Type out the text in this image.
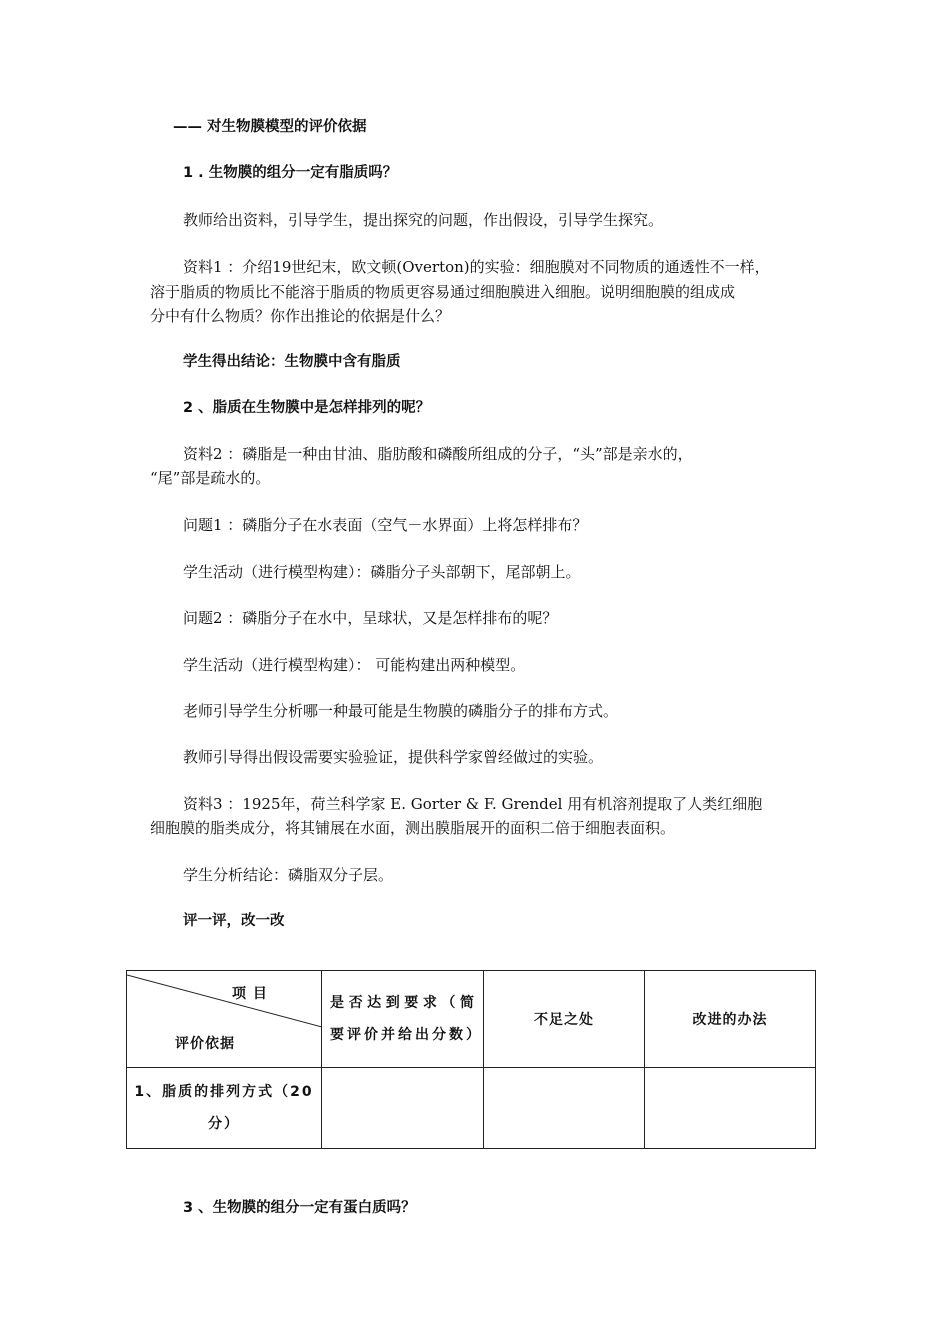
—— 对生物膜模型的评价依据
1 . 生物膜的组分一定有脂质吗？
教师给出资料，引导学生，提出探究的问题，作出假设，引导学生探究。
资料1 ：介绍19世纪末，欧文顿(Overton)的实验：细胞膜对不同物质的通透性不一样，
溶于脂质的物质比不能溶于脂质的物质更容易通过细胞膜进入细胞。说明细胞膜的组成成
分中有什么物质？你作出推论的依据是什么？
学生得出结论：生物膜中含有脂质
2 、脂质在生物膜中是怎样排列的呢？
资料2 ：磷脂是一种由甘油、脂肪酸和磷酸所组成的分子，“头”部是亲水的，
“尾”部是疏水的。
问题1 ：磷脂分子在水表面（空气－水界面）上将怎样排布？
学生活动（进行模型构建）：磷脂分子头部朝下，尾部朝上。
问题2 ：磷脂分子在水中，呈球状，又是怎样排布的呢？
学生活动（进行模型构建）： 可能构建出两种模型。
老师引导学生分析哪一种最可能是生物膜的磷脂分子的排布方式。
教师引导得出假设需要实验验证，提供科学家曾经做过的实验。
资料3 ：1925年，荷兰科学家 E. Gorter & F. Grendel 用有机溶剂提取了人类红细胞
细胞膜的脂类成分，将其铺展在水面，测出膜脂展开的面积二倍于细胞表面积。
学生分析结论：磷脂双分子层。
评一评，改一改
项 目
评价依据	是否达到要求（简要评价并给出分数）	不足之处	改进的办法
1、脂质的排列方式（20分）			
3 、生物膜的组分一定有蛋白质吗？
